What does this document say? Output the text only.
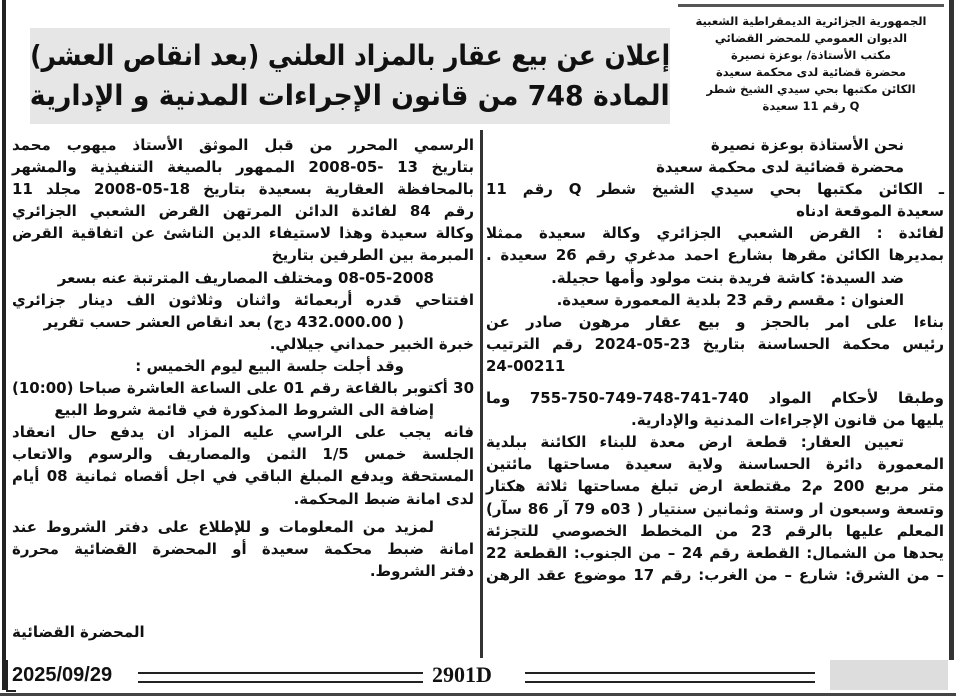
الجمهورية الجزائرية الديمقراطية الشعبية
الديوان العمومي للمحضر القضائي
مكتب الأستاذة/ بوعزة نصيرة
محضرة قضائية لدى محكمة سعيدة
الكائن مكتبها بحي سيدي الشيخ شطر
Q رقم 11 سعيدة
إعلان عن بيع عقار بالمزاد العلني (بعد انقاص العشر)
المادة 748 من قانون الإجراءات المدنية و الإدارية
نحن الأستاذة بوعزة نصيرة
محضرة قضائية لدى محكمة سعيدة
ـ الكائن مكتبها بحي سيدي الشيخ شطر Q رقم 11
سعيدة الموقعة ادناه
لفائدة : القرض الشعبي الجزائري وكالة سعيدة ممثلا
بمديرها الكائن مقرها بشارع احمد مدغري رقم 26 سعيدة .
ضد السيدة: كاشة فريدة بنت مولود وأمها حجيلة.
العنوان : مقسم رقم 23 بلدية المعمورة سعيدة.
بناءا على امر بالحجز و بيع عقار مرهون صادر عن
رئيس محكمة الحساسنة بتاريخ 23-05-2024 رقم الترتيب
24-00211
وطبقا لأحكام المواد 740-741-748-749-750-755 وما
يليها من قانون الإجراءات المدنية والإدارية.
تعيين العقار: قطعة ارض معدة للبناء الكائنة ببلدية
المعمورة دائرة الحساسنة ولاية سعيدة مساحتها مائتين
متر مربع 200 م2 مقتطعة ارض تبلغ مساحتها ثلاثة هكتار
وتسعة وسبعون ار وستة وثمانين سنتيار ( 03ه 79 آر 86 سآر)
المعلم عليها بالرقم 23 من المخطط الخصوصي للتجزئة
يحدها من الشمال: القطعة رقم 24 – من الجنوب: القطعة 22
– من الشرق: شارع – من الغرب: رقم 17 موضوع عقد الرهن
الرسمي المحرر من قبل الموثق الأستاذ ميهوب محمد
بتاريخ 13 -05-2008 الممهور بالصيغة التنفيذية والمشهر
بالمحافظة العقارية بسعيدة بتاريخ 18-05-2008 مجلد 11
رقم 84 لفائدة الدائن المرتهن القرض الشعبي الجزائري
وكالة سعيدة وهذا لاستيفاء الدين الناشئ عن اتفاقية القرض
المبرمة بين الطرفين بتاريخ
08-05-2008 ومختلف المصاريف المترتبة عنه بسعر
افتتاحي قدره أربعمائة واثنان وثلاثون الف دينار جزائري
( 432.000.00 دج) بعد انقاص العشر حسب تقرير
خبرة الخبير حمداني جيلالي.
وقد أجلت جلسة البيع ليوم الخميس :
30 أكتوبر بالقاعة رقم 01 على الساعة العاشرة صباحا (10:00)
إضافة الى الشروط المذكورة في قائمة شروط البيع
فانه يجب على الراسي عليه المزاد ان يدفع حال انعقاد
الجلسة خمس 1/5 الثمن والمصاريف والرسوم والاتعاب
المستحقة ويدفع المبلغ الباقي في اجل أقصاه ثمانية 08 أيام
لدى امانة ضبط المحكمة.
لمزيد من المعلومات و للإطلاع على دفتر الشروط عند
امانة ضبط محكمة سعيدة أو المحضرة القضائية محررة
دفتر الشروط.
المحضرة القضائية
2025/09/29	2901D
